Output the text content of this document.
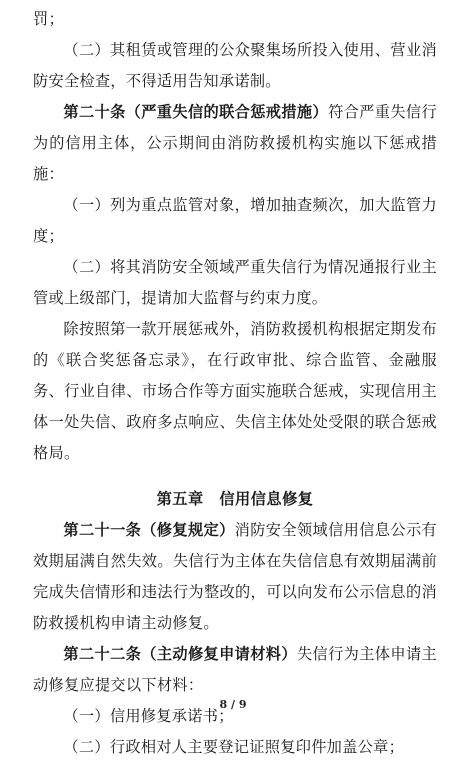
罚；

（二）其租赁或管理的公众聚集场所投入使用、营业消防安全检查，不得适用告知承诺制。

第二十条（严重失信的联合惩戒措施）符合严重失信行为的信用主体，公示期间由消防救援机构实施以下惩戒措施：

（一）列为重点监管对象，增加抽查频次，加大监管力度；

（二）将其消防安全领域严重失信行为情况通报行业主管或上级部门，提请加大监督与约束力度。

除按照第一款开展惩戒外，消防救援机构根据定期发布的《联合奖惩备忘录》，在行政审批、综合监管、金融服务、行业自律、市场合作等方面实施联合惩戒，实现信用主体一处失信、政府多点响应、失信主体处处受限的联合惩戒格局。

第五章　信用信息修复

第二十一条（修复规定）消防安全领域信用信息公示有效期届满自然失效。失信行为主体在失信信息有效期届满前完成失信情形和违法行为整改的，可以向发布公示信息的消防救援机构申请主动修复。

第二十二条（主动修复申请材料）失信行为主体申请主动修复应提交以下材料：

（一）信用修复承诺书；

（二）行政相对人主要登记证照复印件加盖公章；

8 / 9
